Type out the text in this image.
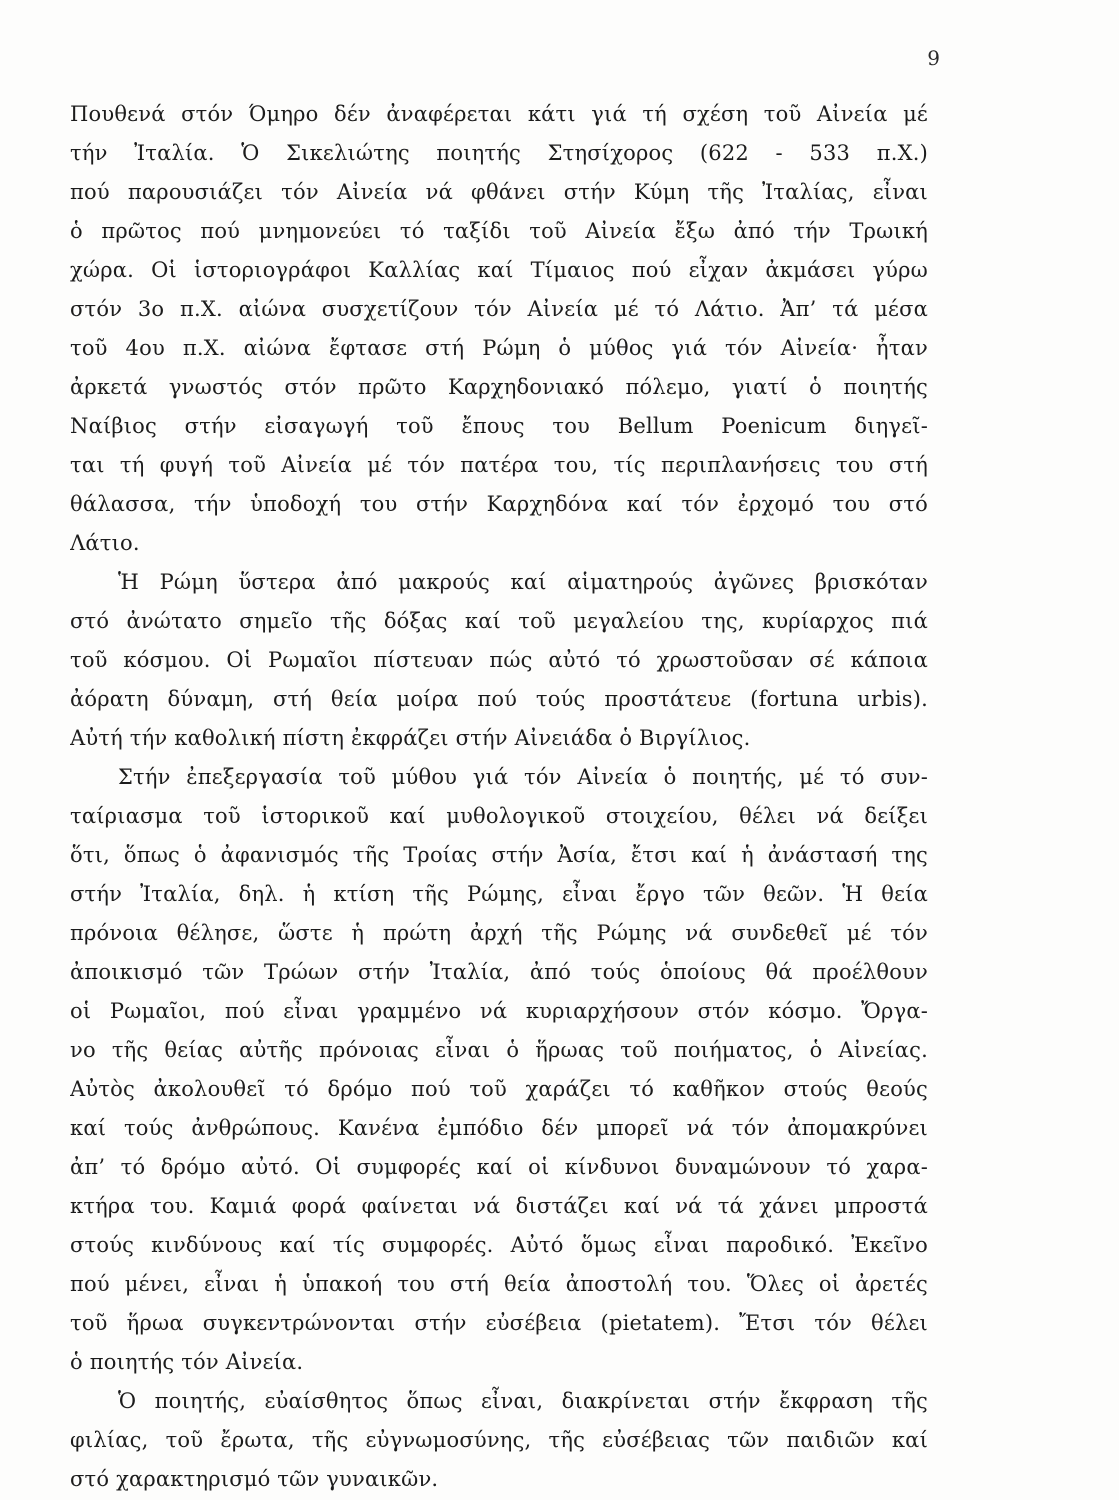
9
Πουθενά στόν Όμηρο δέν ἀναφέρεται κάτι γιά τή σχέση τοῦ Αἰνεία μέ
τήν Ἰταλία. Ὁ Σικελιώτης ποιητής Στησίχορος (622 - 533 π.Χ.)
πού παρουσιάζει τόν Αἰνεία νά φθάνει στήν Κύμη τῆς Ἰταλίας, εἶναι
ὁ πρῶτος πού μνημονεύει τό ταξίδι τοῦ Αἰνεία ἔξω ἀπό τήν Τρωική
χώρα. Οἱ ἱστοριογράφοι Καλλίας καί Τίμαιος πού εἶχαν ἀκμάσει γύρω
στόν 3ο π.Χ. αἰώνα συσχετίζουν τόν Αἰνεία μέ τό Λάτιο. Ἀπ’ τά μέσα
τοῦ 4ου π.Χ. αἰώνα ἔφτασε στή Ρώμη ὁ μύθος γιά τόν Αἰνεία· ἦταν
ἀρκετά γνωστός στόν πρῶτο Καρχηδονιακό πόλεμο, γιατί ὁ ποιητής
Ναίβιος στήν εἰσαγωγή τοῦ ἔπους του Bellum Poenicum διηγεῖ-
ται τή φυγή τοῦ Αἰνεία μέ τόν πατέρα του, τίς περιπλανήσεις του στή
θάλασσα, τήν ὑποδοχή του στήν Καρχηδόνα καί τόν ἐρχομό του στό
Λάτιο.
Ἡ Ρώμη ὕστερα ἀπό μακρούς καί αἱματηρούς ἀγῶνες βρισκόταν
στό ἀνώτατο σημεῖο τῆς δόξας καί τοῦ μεγαλείου της, κυρίαρχος πιά
τοῦ κόσμου. Οἱ Ρωμαῖοι πίστευαν πώς αὐτό τό χρωστοῦσαν σέ κάποια
ἀόρατη δύναμη, στή θεία μοίρα πού τούς προστάτευε (fortuna urbis).
Αὐτή τήν καθολική πίστη ἐκφράζει στήν Αἰνειάδα ὁ Βιργίλιος.
Στήν ἐπεξεργασία τοῦ μύθου γιά τόν Αἰνεία ὁ ποιητής, μέ τό συν-
ταίριασμα τοῦ ἱστορικοῦ καί μυθολογικοῦ στοιχείου, θέλει νά δείξει
ὅτι, ὅπως ὁ ἀφανισμός τῆς Τροίας στήν Ἀσία, ἔτσι καί ἡ ἀνάστασή της
στήν Ἰταλία, δηλ. ἡ κτίση τῆς Ρώμης, εἶναι ἔργο τῶν θεῶν. Ἡ θεία
πρόνοια θέλησε, ὥστε ἡ πρώτη ἀρχή τῆς Ρώμης νά συνδεθεῖ μέ τόν
ἀποικισμό τῶν Τρώων στήν Ἰταλία, ἀπό τούς ὁποίους θά προέλθουν
οἱ Ρωμαῖοι, πού εἶναι γραμμένο νά κυριαρχήσουν στόν κόσμο. Ὄργα-
νο τῆς θείας αὐτῆς πρόνοιας εἶναι ὁ ἥρωας τοῦ ποιήματος, ὁ Αἰνείας.
Αὐτὸς ἀκολουθεῖ τό δρόμο πού τοῦ χαράζει τό καθῆκον στούς θεούς
καί τούς ἀνθρώπους. Κανένα ἐμπόδιο δέν μπορεῖ νά τόν ἀπομακρύνει
ἀπ’ τό δρόμο αὐτό. Οἱ συμφορές καί οἱ κίνδυνοι δυναμώνουν τό χαρα-
κτήρα του. Καμιά φορά φαίνεται νά διστάζει καί νά τά χάνει μπροστά
στούς κινδύνους καί τίς συμφορές. Αὐτό ὅμως εἶναι παροδικό. Ἐκεῖνο
πού μένει, εἶναι ἡ ὑπακοή του στή θεία ἀποστολή του. Ὅλες οἱ ἀρετές
τοῦ ἥρωα συγκεντρώνονται στήν εὐσέβεια (pietatem). Ἔτσι τόν θέλει
ὁ ποιητής τόν Αἰνεία.
Ὁ ποιητής, εὐαίσθητος ὅπως εἶναι, διακρίνεται στήν ἔκφραση τῆς
φιλίας, τοῦ ἔρωτα, τῆς εὐγνωμοσύνης, τῆς εὐσέβειας τῶν παιδιῶν καί
στό χαρακτηρισμό τῶν γυναικῶν.
